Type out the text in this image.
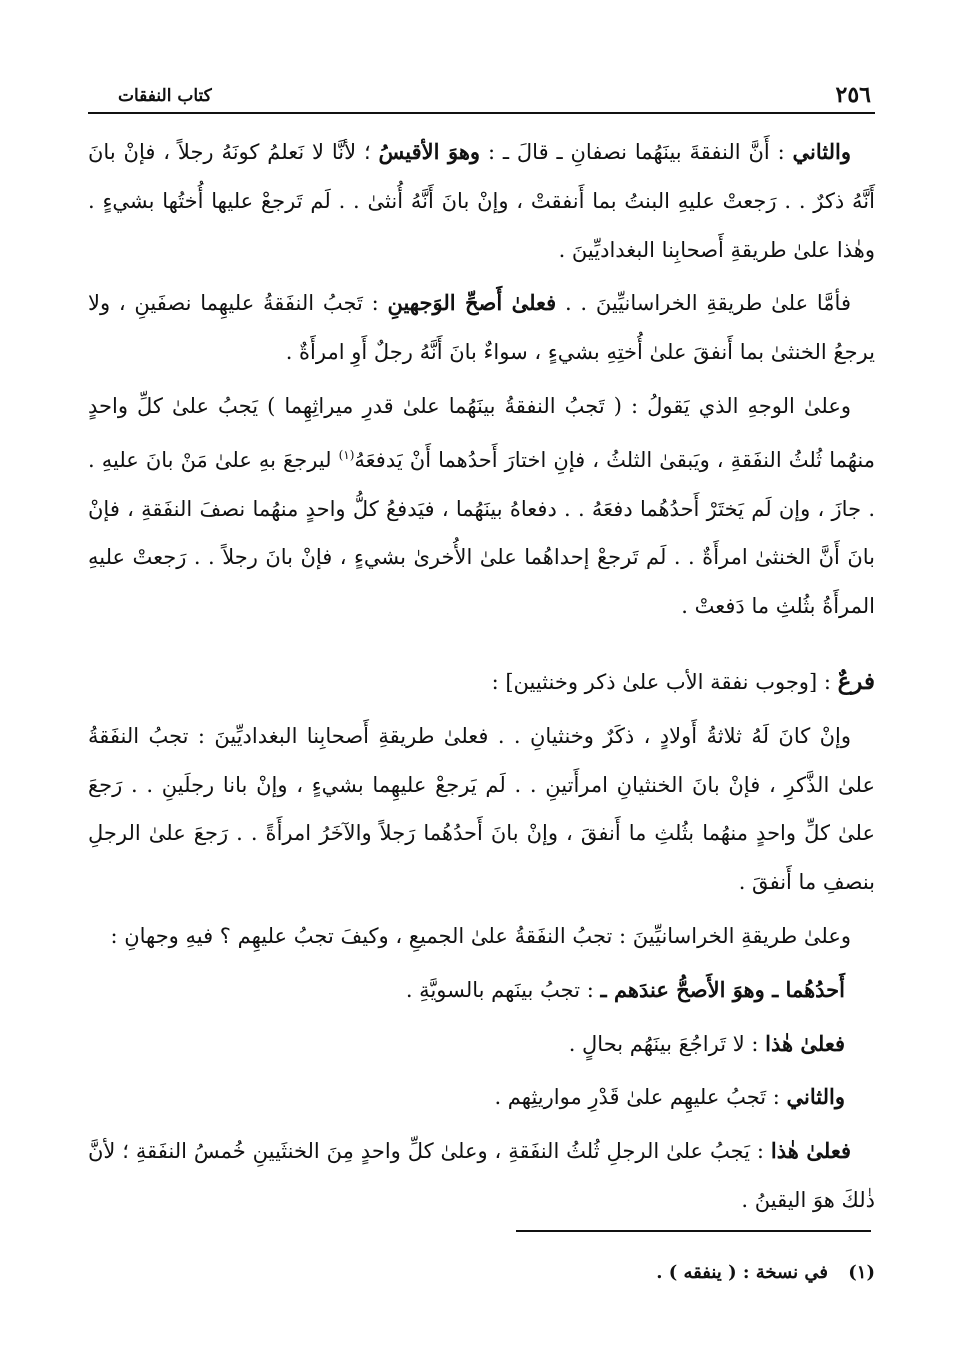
٢٥٦
كتاب النفقات

والثاني : أَنَّ النفقةَ بينَهُما نصفانِ ـ قالَ ـ : وهوَ الأقيسُ ؛ لأنَّا لا نَعلمُ كونَهُ رجلاً ، فإنْ بانَ أَنَّهُ ذكرٌ . . رَجعتْ عليهِ البنتُ بما أَنفقتْ ، وإنْ بانَ أَنَّهُ أُنثىٰ . . لَم تَرجعْ عليها أُختُها بشيءٍ . وهٰذا علىٰ طريقةِ أَصحابِنا البغداديِّينَ .

فأمَّا علىٰ طريقةِ الخراسانيِّينَ . . فعلىٰ أَصحِّ الوَجهينِ : تَجبُ النفَقةُ عليهِما نصفَينِ ، ولا يرجعُ الخنثىٰ بما أَنفقَ علىٰ أُختِهِ بشيءٍ ، سواءٌ بانَ أَنَّهُ رجلٌ أَوِ امرأَةٌ .

وعلىٰ الوجهِ الذي يَقولُ : ( تَجبُ النفقةُ بينَهُما علىٰ قدرِ ميراثِهِما ) يَجبُ علىٰ كلِّ واحدٍ منهُما ثُلثُ النفَقةِ ، ويَبقىٰ الثلثُ ، فإنِ اختارَ أَحدُهما أَنْ يَدفعَهُ$^{(١)}$ ليرجعَ بهِ علىٰ مَنْ بانَ عليهِ . . جازَ ، وإن لَم يَختَرْ أَحدُهُما دفعَهُ . . دفعاهُ بينَهُما ، فيَدفعُ كلُّ واحدٍ منهُما نصفَ النفَقةِ ، فإنْ بانَ أَنَّ الخنثىٰ امرأَةٌ . . لَم تَرجعْ إحداهُما علىٰ الأُخرىٰ بشيءٍ ، فإنْ بانَ رجلاً . . رَجعتْ عليهِ المرأَةُ بثُلثِ ما دَفعتْ .

فرعٌ : [وجوب نفقة الأب علىٰ ذكر وخنثيين] :

وإنْ كانَ لَهُ ثلاثةُ أَولادٍ ، ذكَرٌ وخنثيانِ . . فعلىٰ طريقةِ أَصحابِنا البغداديِّينَ : تجبُ النفَقةُ علىٰ الذَّكرِ ، فإنْ بانَ الخنثيانِ امرأَتينِ . . لَم يَرجعْ عليهِما بشيءٍ ، وإنْ بانا رجلَينِ . . رَجعَ علىٰ كلِّ واحدٍ منهُما بثُلثِ ما أَنفقَ ، وإنْ بانَ أَحدُهُما رَجلاً والآخَرُ امرأَةً . . رَجعَ علىٰ الرجلِ بنصفِ ما أَنفقَ .

وعلىٰ طريقةِ الخراسانيِّينَ : تجبُ النفَقةُ علىٰ الجميعِ ، وكيفَ تجبُ عليهِم ؟ فيهِ وجهانِ :

أَحدُهُما ـ وهوَ الأَصحُّ عندَهم ـ : تجبُ بينَهم بالسويَّةِ .

فعلىٰ هٰذا : لا تَراجُعَ بينَهُم بحالٍ .

والثاني : تَجبُ عليهِم علىٰ قَدْرِ مواريثِهم .

فعلىٰ هٰذا : يَجبُ علىٰ الرجلِ ثُلثُ النفَقةِ ، وعلىٰ كلِّ واحدٍ مِنَ الخنثَيينِ خُمسُ النفَقةِ ؛ لأنَّ ذٰلكَ هوَ اليقينُ .

(١) في نسخة : ( ينفقه ) .
